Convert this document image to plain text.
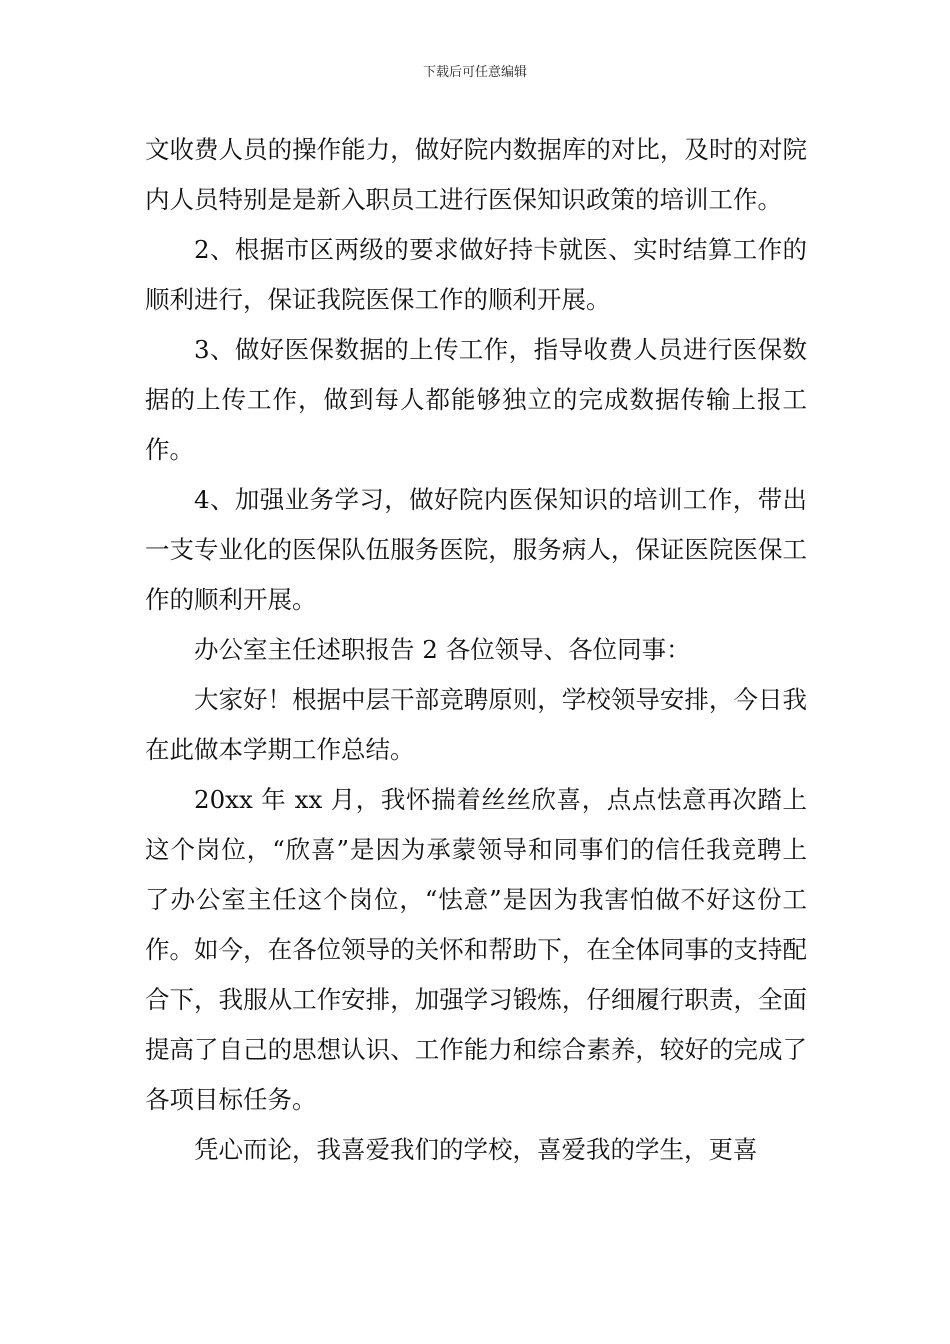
下载后可任意编辑

文收费人员的操作能力，做好院内数据库的对比，及时的对院内人员特别是是新入职员工进行医保知识政策的培训工作。

2、根据市区两级的要求做好持卡就医、实时结算工作的顺利进行，保证我院医保工作的顺利开展。

3、做好医保数据的上传工作，指导收费人员进行医保数据的上传工作，做到每人都能够独立的完成数据传输上报工作。

4、加强业务学习，做好院内医保知识的培训工作，带出一支专业化的医保队伍服务医院，服务病人，保证医院医保工作的顺利开展。

办公室主任述职报告 2 各位领导、各位同事：

大家好！根据中层干部竞聘原则，学校领导安排，今日我在此做本学期工作总结。

20xx 年 xx 月，我怀揣着丝丝欣喜，点点怯意再次踏上这个岗位，“欣喜”是因为承蒙领导和同事们的信任我竞聘上了办公室主任这个岗位，“怯意”是因为我害怕做不好这份工作。如今，在各位领导的关怀和帮助下，在全体同事的支持配合下，我服从工作安排，加强学习锻炼，仔细履行职责，全面提高了自己的思想认识、工作能力和综合素养，较好的完成了各项目标任务。

凭心而论，我喜爱我们的学校，喜爱我的学生，更喜
